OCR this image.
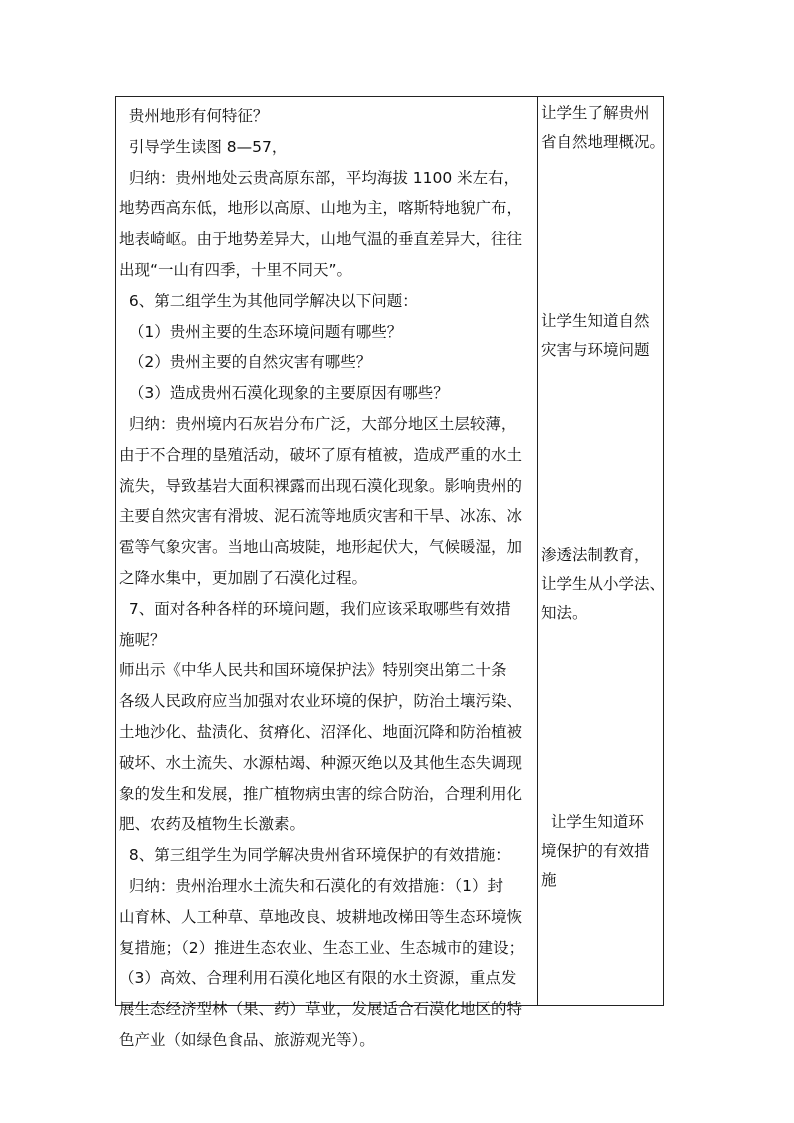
贵州地形有何特征？
引导学生读图 8—57，
归纳：贵州地处云贵高原东部，平均海拔 1100 米左右，
地势西高东低，地形以高原、山地为主，喀斯特地貌广布，
地表崎岖。由于地势差异大，山地气温的垂直差异大，往往
出现“一山有四季，十里不同天”。
6、第二组学生为其他同学解决以下问题：
（1）贵州主要的生态环境问题有哪些？
（2）贵州主要的自然灾害有哪些？
（3）造成贵州石漠化现象的主要原因有哪些？
归纳：贵州境内石灰岩分布广泛，大部分地区土层较薄，
由于不合理的垦殖活动，破坏了原有植被，造成严重的水土
流失，导致基岩大面积裸露而出现石漠化现象。影响贵州的
主要自然灾害有滑坡、泥石流等地质灾害和干旱、冰冻、冰
雹等气象灾害。当地山高坡陡，地形起伏大，气候暖湿，加
之降水集中，更加剧了石漠化过程。
7、面对各种各样的环境问题，我们应该采取哪些有效措
施呢？
师出示《中华人民共和国环境保护法》特别突出第二十条
各级人民政府应当加强对农业环境的保护，防治土壤污染、
土地沙化、盐渍化、贫瘠化、沼泽化、地面沉降和防治植被
破坏、水土流失、水源枯竭、种源灭绝以及其他生态失调现
象的发生和发展，推广植物病虫害的综合防治，合理利用化
肥、农药及植物生长激素。
8、第三组学生为同学解决贵州省环境保护的有效措施：
归纳：贵州治理水土流失和石漠化的有效措施：（1）封
山育林、人工种草、草地改良、坡耕地改梯田等生态环境恢
复措施；（2）推进生态农业、生态工业、生态城市的建设；
（3）高效、合理利用石漠化地区有限的水土资源，重点发
展生态经济型林（果、药）草业，发展适合石漠化地区的特
色产业（如绿色食品、旅游观光等）。
让学生了解贵州
省自然地理概况。
让学生知道自然
灾害与环境问题
渗透法制教育，
让学生从小学法、
知法。
让学生知道环
境保护的有效措
施
